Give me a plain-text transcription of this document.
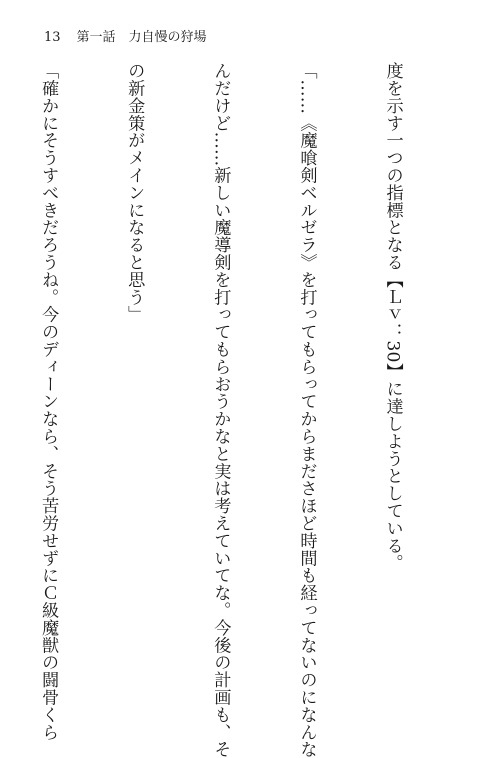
13 第一話　力自慢の狩場

度を示す一つの指標となる【Ｌｖ：30】に達しようとしている。

「……《魔喰剣ベルゼラ》を打ってもらってからまださほど時間も経ってないのになんな

んだけど……新しい魔導剣を打ってもらおうかなと実は考えていてな。今後の計画も、そ

の新金策がメインになると思う」

「確かにそうすべきだろうね。今のディーンなら、そう苦労せずにＣ級魔獣の闘骨くら
